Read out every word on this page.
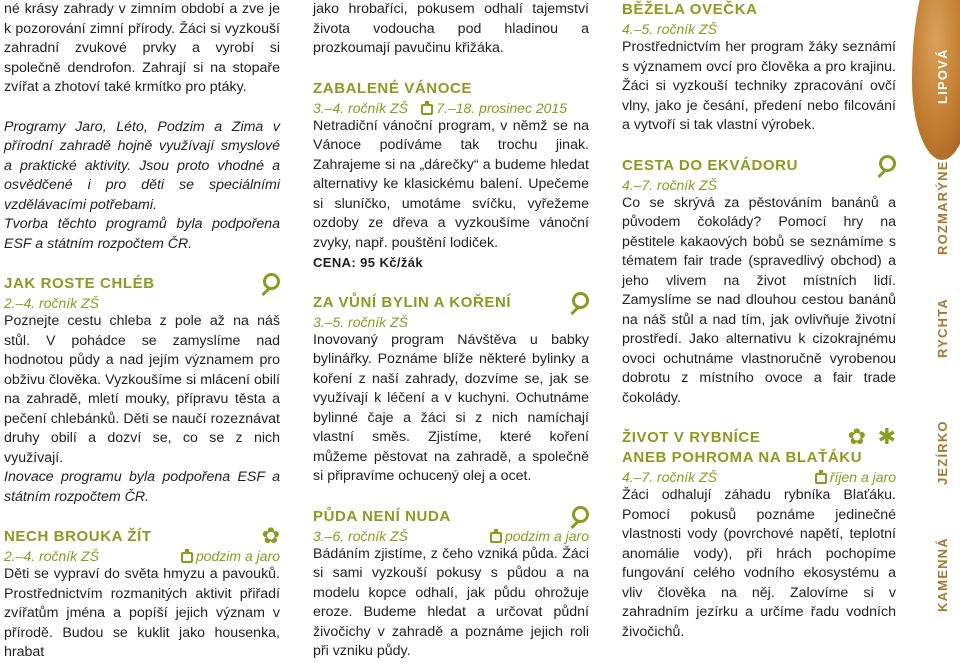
né krásy zahrady v zimním období a zve je k pozorování zimní přírody. Žáci si vyzkouší zahradní zvukové prvky a vyrobí si společně dendrofon. Zahrají si na stopaře zvířat a zhotoví také krmítko pro ptáky.

Programy Jaro, Léto, Podzim a Zima v přírodní zahradě hojně využívají smyslové a praktické aktivity. Jsou proto vhodné a osvědčené i pro děti se speciálními vzdělávacími potřebami.

Tvorba těchto programů byla podpořena ESF a státním rozpočtem ČR.

JAK ROSTE CHLÉB
2.–4. ročník ZŠ

Poznejte cestu chleba z pole až na náš stůl. V pohádce se zamyslíme nad hodnotou půdy a nad jejím významem pro obživu člověka. Vyzkoušíme si mlácení obilí na zahradě, mletí mouky, přípravu těsta a pečení chlebánků. Děti se naučí rozeznávat druhy obilí a dozví se, co se z nich využívají.

Inovace programu byla podpořena ESF a státním rozpočtem ČR.

NECH BROUKA ŽÍT	✿
2.–4. ročník ZŠ	podzim a jaro

Děti se vypraví do světa hmyzu a pavouků. Prostřednictvím rozmanitých aktivit přiřadí zvířatům jména a popíší jejich význam v přírodě. Budou se kuklit jako housenka, hrabat

jako hrobaříci, pokusem odhalí tajemství života vodoucha pod hladinou a prozkoumají pavučinu křižáka.

ZABALENÉ VÁNOCE
3.–4. ročník ZŠ	7.–18. prosinec 2015

Netradiční vánoční program, v němž se na Vánoce podíváme tak trochu jinak. Zahrajeme si na „dárečky“ a budeme hledat alternativy ke klasickému balení. Upečeme si sluníčko, umotáme svíčku, vyřežeme ozdoby ze dřeva a vyzkoušíme vánoční zvyky, např. pouštění lodiček.

CENA: 95 Kč/žák
ZA VŮNÍ BYLIN A KOŘENÍ
3.–5. ročník ZŠ

Inovovaný program Návštěva u babky bylinářky. Poznáme blíže některé bylinky a koření z naší zahrady, dozvíme se, jak se využívají k léčení a v kuchyni. Ochutnáme bylinné čaje a žáci si z nich namíchají vlastní směs. Zjistíme, které koření můžeme pěstovat na zahradě, a společně si připravíme ochucený olej a ocet.

PŮDA NENÍ NUDA
3.–6. ročník ZŠ	podzim a jaro

Bádáním zjistíme, z čeho vzniká půda. Žáci si sami vyzkouší pokusy s půdou a na modelu kopce odhalí, jak půdu ohrožuje eroze. Budeme hledat a určovat půdní živočichy v zahradě a poznáme jejich roli při vzniku půdy.

BĚŽELA OVEČKA
4.–5. ročník ZŠ

Prostřednictvím her program žáky seznámí s významem ovcí pro člověka a pro krajinu. Žáci si vyzkouší techniky zpracování ovčí vlny, jako je česání, předení nebo filcování a vytvoří si tak vlastní výrobek.

CESTA DO EKVÁDORU
4.–7. ročník ZŠ

Co se skrývá za pěstováním banánů a původem čokolády? Pomocí hry na pěstitele kakaových bobů se seznámíme s tématem fair trade (spravedlivý obchod) a jeho vlivem na život místních lidí. Zamyslíme se nad dlouhou cestou banánů na náš stůl a nad tím, jak ovlivňuje životní prostředí. Jako alternativu k cizokrajnému ovoci ochutnáme vlastnoručně vyrobenou dobrotu z místního ovoce a fair trade čokolády.

ŽIVOT V RYBNÍCE	✿ ✱
ANEB POHROMA NA BLAŤÁKU
4.–7. ročník ZŠ	říjen a jaro

Žáci odhalují záhadu rybníka Blaťáku. Pomocí pokusů poznáme jedinečné vlastnosti vody (povrchové napětí, teplotní anomálie vody), při hrách pochopíme fungování celého vodního ekosystému a vliv člověka na něj. Zalovíme si v zahradním jezírku a určíme řadu vodních živočichů.

LIPOVÁ
ROZMARÝNEK
RYCHTA
JEZÍRKO
KAMENNÁ
